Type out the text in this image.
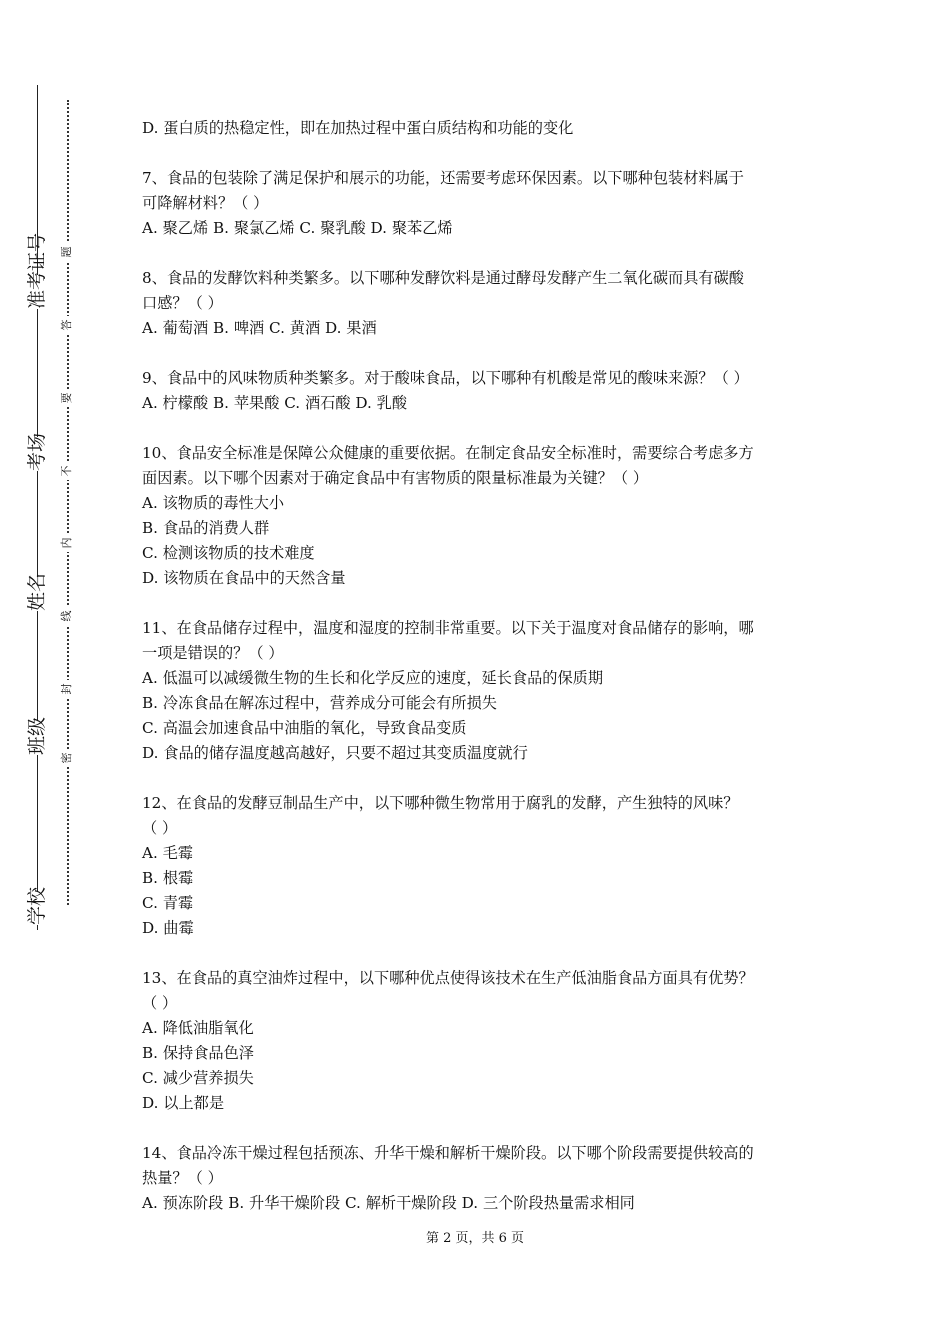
准考证号
考场
姓名
班级
学校
题
答
要
不
内
线
封
密
D. 蛋白质的热稳定性，即在加热过程中蛋白质结构和功能的变化
7、食品的包装除了满足保护和展示的功能，还需要考虑环保因素。以下哪种包装材料属于
可降解材料？（ ）
A. 聚乙烯 B. 聚氯乙烯 C. 聚乳酸 D. 聚苯乙烯
8、食品的发酵饮料种类繁多。以下哪种发酵饮料是通过酵母发酵产生二氧化碳而具有碳酸
口感？（ ）
A. 葡萄酒 B. 啤酒 C. 黄酒 D. 果酒
9、食品中的风味物质种类繁多。对于酸味食品，以下哪种有机酸是常见的酸味来源？（ ）
A. 柠檬酸 B. 苹果酸 C. 酒石酸 D. 乳酸
10、食品安全标准是保障公众健康的重要依据。在制定食品安全标准时，需要综合考虑多方
面因素。以下哪个因素对于确定食品中有害物质的限量标准最为关键？（ ）
A. 该物质的毒性大小
B. 食品的消费人群
C. 检测该物质的技术难度
D. 该物质在食品中的天然含量
11、在食品储存过程中，温度和湿度的控制非常重要。以下关于温度对食品储存的影响，哪
一项是错误的？（ ）
A. 低温可以减缓微生物的生长和化学反应的速度，延长食品的保质期
B. 冷冻食品在解冻过程中，营养成分可能会有所损失
C. 高温会加速食品中油脂的氧化，导致食品变质
D. 食品的储存温度越高越好，只要不超过其变质温度就行
12、在食品的发酵豆制品生产中，以下哪种微生物常用于腐乳的发酵，产生独特的风味？
（ ）
A. 毛霉
B. 根霉
C. 青霉
D. 曲霉
13、在食品的真空油炸过程中，以下哪种优点使得该技术在生产低油脂食品方面具有优势？
（ ）
A. 降低油脂氧化
B. 保持食品色泽
C. 减少营养损失
D. 以上都是
14、食品冷冻干燥过程包括预冻、升华干燥和解析干燥阶段。以下哪个阶段需要提供较高的
热量？（ ）
A. 预冻阶段 B. 升华干燥阶段 C. 解析干燥阶段 D. 三个阶段热量需求相同
第 2 页，共 6 页
